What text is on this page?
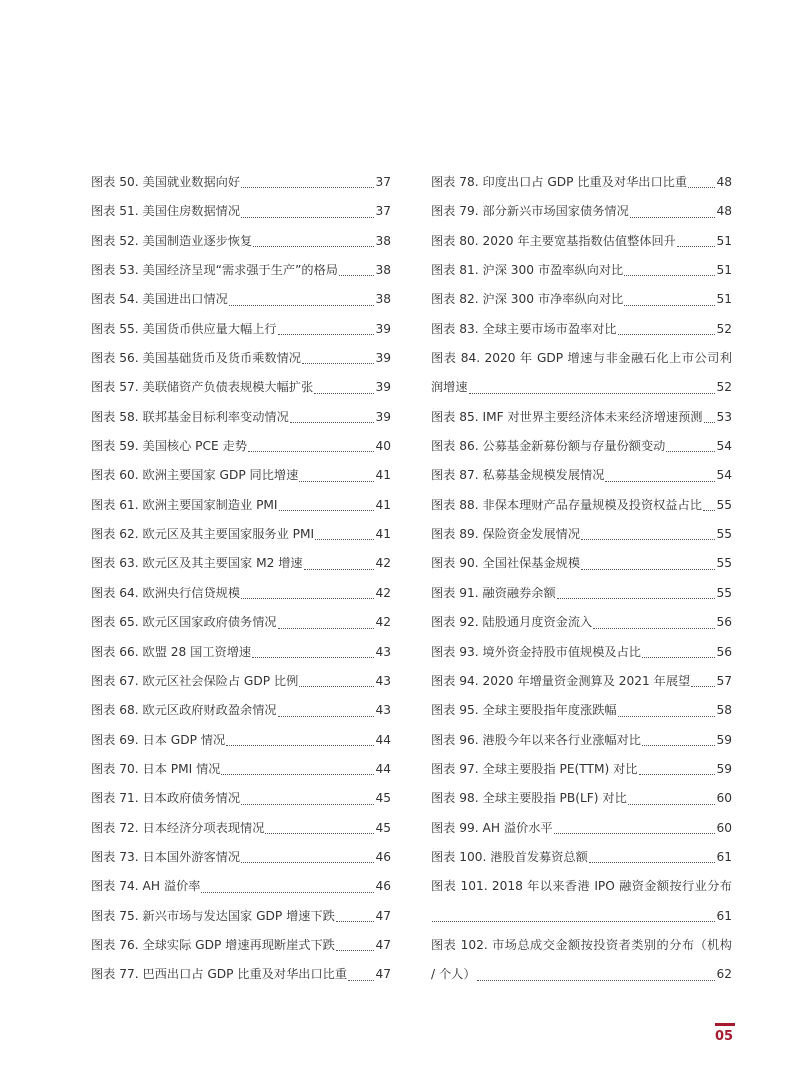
图表 50. 美国就业数据向好	37
图表 51. 美国住房数据情况	37
图表 52. 美国制造业逐步恢复	38
图表 53. 美国经济呈现“需求强于生产”的格局	38
图表 54. 美国进出口情况	38
图表 55. 美国货币供应量大幅上行	39
图表 56. 美国基础货币及货币乘数情况	39
图表 57. 美联储资产负债表规模大幅扩张	39
图表 58. 联邦基金目标利率变动情况	39
图表 59. 美国核心 PCE 走势	40
图表 60. 欧洲主要国家 GDP 同比增速	41
图表 61. 欧洲主要国家制造业 PMI	41
图表 62. 欧元区及其主要国家服务业 PMI	41
图表 63. 欧元区及其主要国家 M2 增速	42
图表 64. 欧洲央行信贷规模	42
图表 65. 欧元区国家政府债务情况	42
图表 66. 欧盟 28 国工资增速	43
图表 67. 欧元区社会保险占 GDP 比例	43
图表 68. 欧元区政府财政盈余情况	43
图表 69. 日本 GDP 情况	44
图表 70. 日本 PMI 情况	44
图表 71. 日本政府债务情况	45
图表 72. 日本经济分项表现情况	45
图表 73. 日本国外游客情况	46
图表 74. AH 溢价率	46
图表 75. 新兴市场与发达国家 GDP 增速下跌	47
图表 76. 全球实际 GDP 增速再现断崖式下跌	47
图表 77. 巴西出口占 GDP 比重及对华出口比重 47
图表 78. 印度出口占 GDP 比重及对华出口比重 48
图表 79. 部分新兴市场国家债务情况	48
图表 80. 2020 年主要宽基指数估值整体回升	51
图表 81. 沪深 300 市盈率纵向对比	51
图表 82. 沪深 300 市净率纵向对比	51
图表 83. 全球主要市场市盈率对比	52
图表 84. 2020 年 GDP 增速与非金融石化上市公司利
润增速	52
图表 85. IMF 对世界主要经济体未来经济增速预测 53
图表 86. 公募基金新募份额与存量份额变动	54
图表 87. 私募基金规模发展情况	54
图表 88. 非保本理财产品存量规模及投资权益占比 55
图表 89. 保险资金发展情况	55
图表 90. 全国社保基金规模	55
图表 91. 融资融券余额	55
图表 92. 陆股通月度资金流入	56
图表 93. 境外资金持股市值规模及占比	56
图表 94. 2020 年增量资金测算及 2021 年展望 57
图表 95. 全球主要股指年度涨跌幅	58
图表 96. 港股今年以来各行业涨幅对比	59
图表 97. 全球主要股指 PE(TTM) 对比	59
图表 98. 全球主要股指 PB(LF) 对比	60
图表 99. AH 溢价水平	60
图表 100. 港股首发募资总额	61
图表 101. 2018 年以来香港 IPO 融资金额按行业分布
61
图表 102. 市场总成交金额按投资者类别的分布（机构
/ 个人）	62
05
